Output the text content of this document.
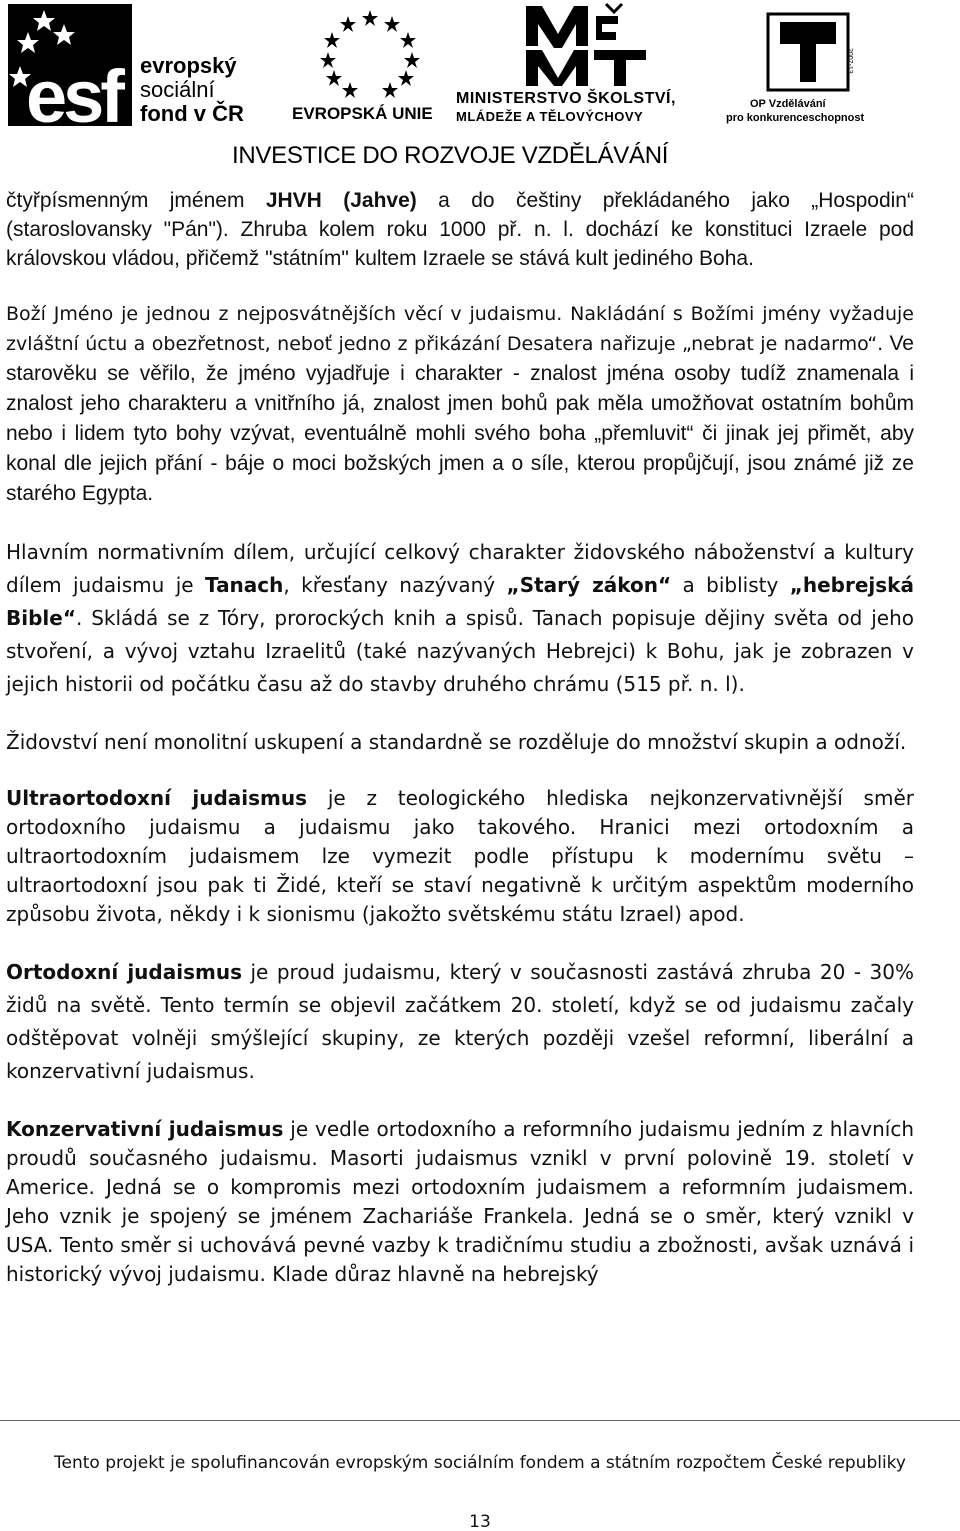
esf evropský
sociální
fond v ČR	EVROPSKÁ UNIE
MINISTERSTVO ŠKOLSTVÍ,
MLÁDEŽE A TĚLOVÝCHOVY
2007-13
OP Vzdělávání
pro konkurenceschopnost
INVESTICE DO ROZVOJE VZDĚLÁVÁNÍ
čtyřpísmenným jménem JHVH (Jahve) a do češtiny překládaného jako „Hospodin“ (staroslovansky "Pán"). Zhruba kolem roku 1000 př. n. l. dochází ke konstituci Izraele pod královskou vládou, přičemž "státním" kultem Izraele se stává kult jediného Boha.
Boží Jméno je jednou z nejposvátnějších věcí v judaismu. Nakládání s Božími jmény vyžaduje zvláštní úctu a obezřetnost, neboť jedno z přikázání Desatera nařizuje „nebrat je nadarmo“. Ve starověku se věřilo, že jméno vyjadřuje i charakter - znalost jména osoby tudíž znamenala i znalost jeho charakteru a vnitřního já, znalost jmen bohů pak měla umožňovat ostatním bohům nebo i lidem tyto bohy vzývat, eventuálně mohli svého boha „přemluvit“ či jinak jej přimět, aby konal dle jejich přání - báje o moci božských jmen a o síle, kterou propůjčují, jsou známé již ze starého Egypta.
Hlavním normativním dílem, určující celkový charakter židovského náboženství a kultury dílem judaismu je Tanach, křesťany nazývaný „Starý zákon“ a biblisty „hebrejská Bible“. Skládá se z Tóry, prorockých knih a spisů. Tanach popisuje dějiny světa od jeho stvoření, a vývoj vztahu Izraelitů (také nazývaných Hebrejci) k Bohu, jak je zobrazen v jejich historii od počátku času až do stavby druhého chrámu (515 př. n. l).
Židovství není monolitní uskupení a standardně se rozděluje do množství skupin a odnoží.
Ultraortodoxní judaismus je z teologického hlediska nejkonzervativnější směr ortodoxního judaismu a judaismu jako takového. Hranici mezi ortodoxním a ultraortodoxním judaismem lze vymezit podle přístupu k modernímu světu – ultraortodoxní jsou pak ti Židé, kteří se staví negativně k určitým aspektům moderního způsobu života, někdy i k sionismu (jakožto světskému státu Izrael) apod.
Ortodoxní judaismus je proud judaismu, který v současnosti zastává zhruba 20 - 30% židů na světě. Tento termín se objevil začátkem 20. století, když se od judaismu začaly odštěpovat volněji smýšlející skupiny, ze kterých později vzešel reformní, liberální a konzervativní judaismus.
Konzervativní judaismus je vedle ortodoxního a reformního judaismu jedním z hlavních proudů současného judaismu. Masorti judaismus vznikl v první polovině 19. století v Americe. Jedná se o kompromis mezi ortodoxním judaismem a reformním judaismem. Jeho vznik je spojený se jménem Zachariáše Frankela. Jedná se o směr, který vznikl v USA. Tento směr si uchovává pevné vazby k tradičnímu studiu a zbožnosti, avšak uznává i historický vývoj judaismu. Klade důraz hlavně na hebrejský
Tento projekt je spolufinancován evropským sociálním fondem a státním rozpočtem České republiky
13
